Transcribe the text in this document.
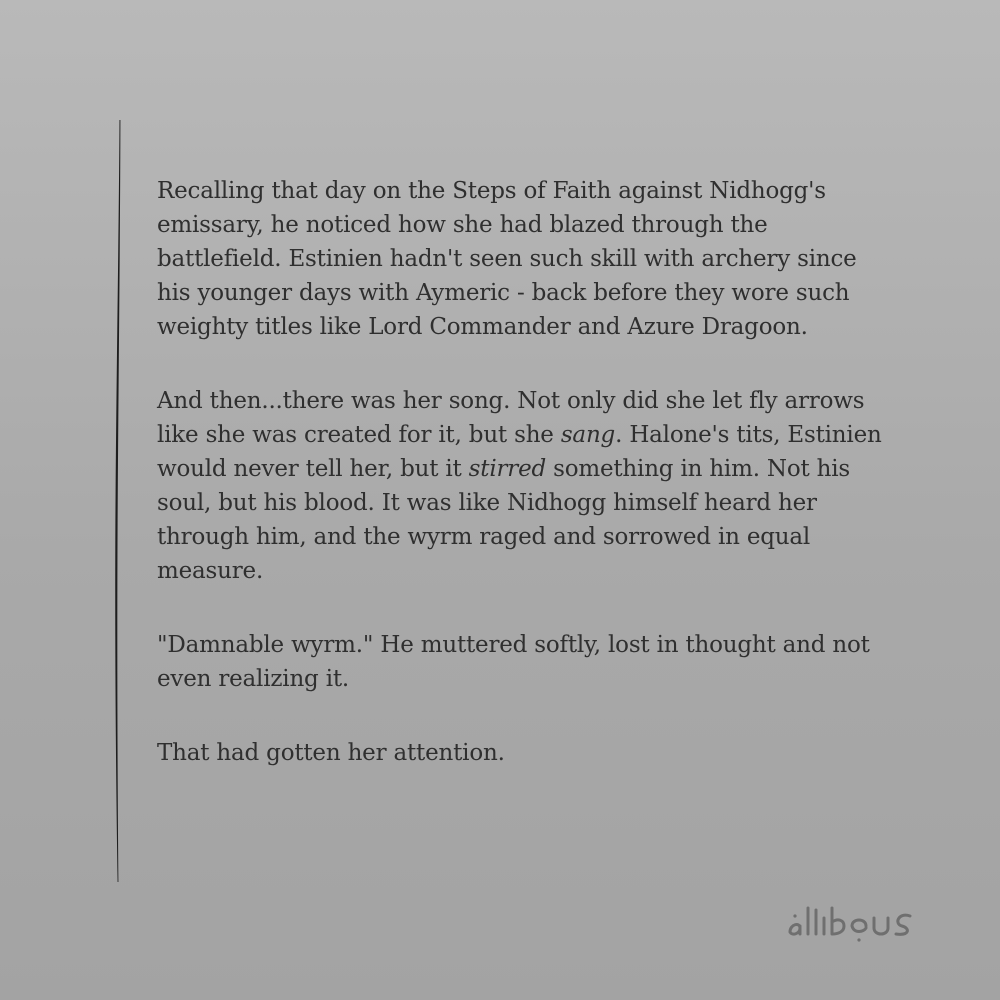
Recalling that day on the Steps of Faith against Nidhogg's emissary, he noticed how she had blazed through the battlefield. Estinien hadn't seen such skill with archery since his younger days with Aymeric - back before they wore such weighty titles like Lord Commander and Azure Dragoon.

And then...there was her song. Not only did she let fly arrows like she was created for it, but she sang. Halone's tits, Estinien would never tell her, but it stirred something in him. Not his soul, but his blood. It was like Nidhogg himself heard her through him, and the wyrm raged and sorrowed in equal measure.

"Damnable wyrm." He muttered softly, lost in thought and not even realizing it.

That had gotten her attention.
